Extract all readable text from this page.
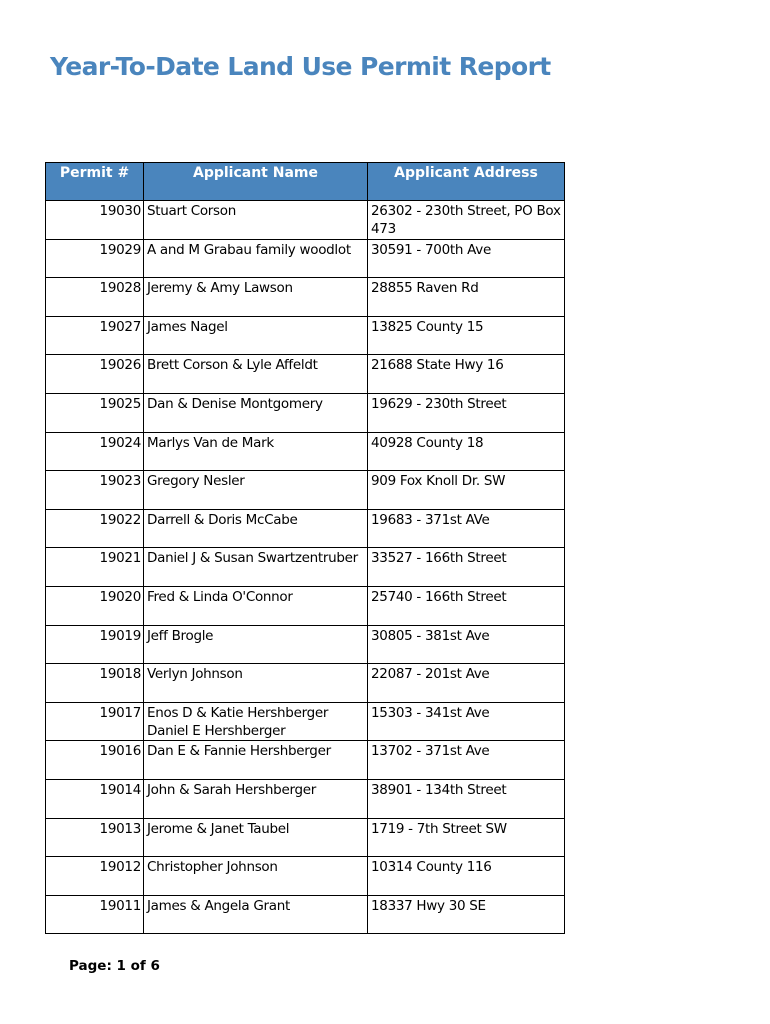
Year-To-Date Land Use Permit Report
Permit #	Applicant Name	Applicant Address
19030	Stuart Corson	26302 - 230th Street, PO Box 473
19029	A and M Grabau family woodlot	30591 - 700th Ave
19028	Jeremy & Amy Lawson	28855 Raven Rd
19027	James Nagel	13825 County 15
19026	Brett Corson & Lyle Affeldt	21688 State Hwy 16
19025	Dan & Denise Montgomery	19629 - 230th Street
19024	Marlys Van de Mark	40928 County 18
19023	Gregory Nesler	909 Fox Knoll Dr. SW
19022	Darrell & Doris McCabe	19683 - 371st AVe
19021	Daniel J & Susan Swartzentruber	33527 - 166th Street
19020	Fred & Linda O'Connor	25740 - 166th Street
19019	Jeff Brogle	30805 - 381st Ave
19018	Verlyn Johnson	22087 - 201st Ave
19017	Enos D & Katie Hershberger Daniel E Hershberger	15303 - 341st Ave
19016	Dan E & Fannie Hershberger	13702 - 371st Ave
19014	John & Sarah Hershberger	38901 - 134th Street
19013	Jerome & Janet Taubel	1719 - 7th Street SW
19012	Christopher Johnson	10314 County 116
19011	James & Angela Grant	18337 Hwy 30 SE
Page: 1 of 6
